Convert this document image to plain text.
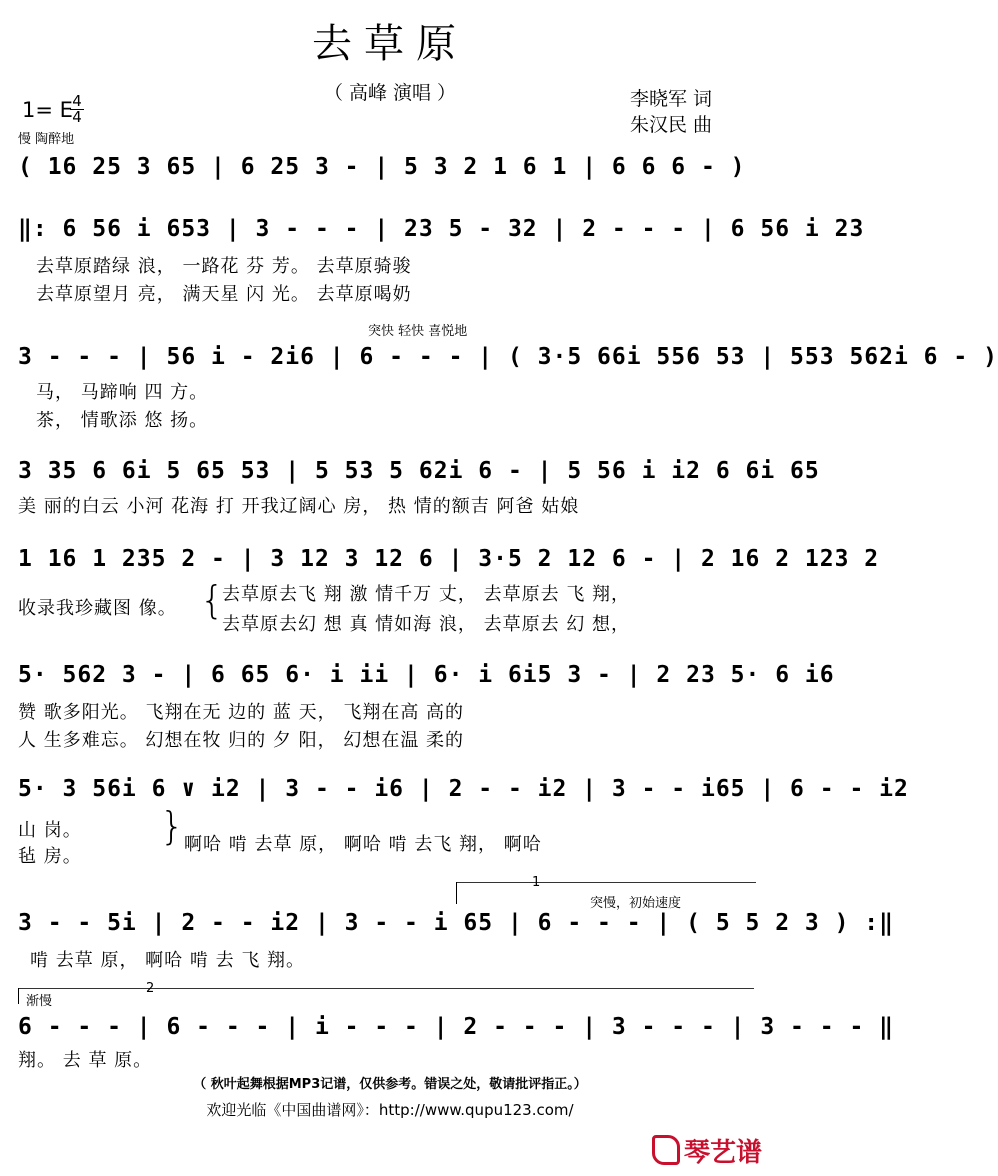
去草原
（ 高峰 演唱 ）	李晓军 词
朱汉民 曲
1= E 4
4
慢 陶醉地
( 16 25 3 65 | 6 25 3 - | 5 3 2 1 6 1 | 6 6 6 - )
‖: 6 56 i 653 | 3 - - - | 23 5 - 32 | 2 - - - | 6 56 i 23
去草原踏绿 浪， 一路花 芬 芳。 去草原骑骏
去草原望月 亮， 满天星 闪 光。 去草原喝奶
突快 轻快 喜悦地
3 - - - | 56 i - 2i6 | 6 - - - | ( 3·5 66i 556 53 | 553 562i 6 - )
马， 马蹄响 四 方。
茶， 情歌添 悠 扬。
3 35 6 6i 5 65 53 | 5 53 5 62i 6 - | 5 56 i i2 6 6i 65
美 丽的白云 小河 花海 打 开我辽阔心 房， 热 情的额吉 阿爸 姑娘
1 16 1 235 2 - | 3 12 3 12 6 | 3·5 2 12 6 - | 2 16 2 123 2
收录我珍藏图 像。 {
去草原去飞 翔 激 情千万 丈， 去草原去 飞 翔，
去草原去幻 想 真 情如海 浪， 去草原去 幻 想，
5· 562 3 - | 6 65 6· i ii | 6· i 6i5 3 - | 2 23 5· 6 i6
赞 歌多阳光。 飞翔在无 边的 蓝 天， 飞翔在高 高的
人 生多难忘。 幻想在牧 归的 夕 阳， 幻想在温 柔的
5· 3 56i 6 ∨ i2 | 3 - - i6 | 2 - - i2 | 3 - - i65 | 6 - - i2
山 岗。
毡 房。
} 啊哈 啃 去草 原， 啊哈 啃 去飞 翔， 啊哈
1
突慢，初始速度
3 - - 5i | 2 - - i2 | 3 - - i 65 | 6 - - - | ( 5 5 2 3 ) :‖
啃 去草 原， 啊哈 啃 去 飞 翔。
2
渐慢
6 - - - | 6 - - - | i - - - | 2 - - - | 3 - - - | 3 - - - ‖
翔。 去 草 原。
（ 秋叶起舞根据MP3记谱，仅供参考。错误之处，敬请批评指正。）
欢迎光临《中国曲谱网》：http://www.qupu123.com/
琴艺谱
